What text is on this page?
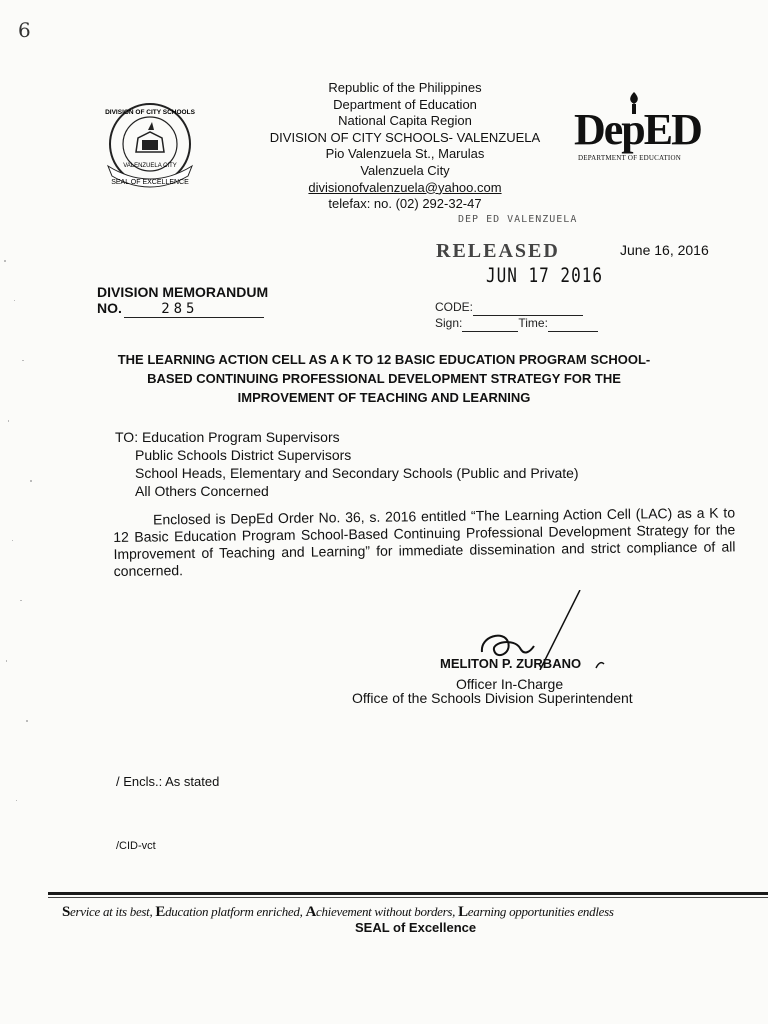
6
SEAL OF EXCELLENCE
DIVISION OF CITY SCHOOLS
VALENZUELA CITY
Republic of the Philippines
Department of Education
National Capita Region
DIVISION OF CITY SCHOOLS- VALENZUELA
Pio Valenzuela St., Marulas
Valenzuela City
divisionofvalenzuela@yahoo.com
telefax: no. (02) 292-32-47
DepED
DEPARTMENT OF EDUCATION
DEP ED VALENZUELA
RELEASED	June 16, 2016
JUN 17 2016
DIVISION MEMORANDUM
NO.	285	CODE:
Sign:	Time:
THE LEARNING ACTION CELL AS A K TO 12 BASIC EDUCATION PROGRAM SCHOOL-
BASED CONTINUING PROFESSIONAL DEVELOPMENT STRATEGY FOR THE
IMPROVEMENT OF TEACHING AND LEARNING
TO: Education Program Supervisors
Public Schools District Supervisors
School Heads, Elementary and Secondary Schools (Public and Private)
All Others Concerned
Enclosed is DepEd Order No. 36, s. 2016 entitled “The Learning Action Cell (LAC) as a K to 12 Basic Education Program School-Based Continuing Professional Development Strategy for the Improvement of Teaching and Learning” for immediate dissemination and strict compliance of all concerned.
MELITON P. ZURBANO
Officer In-Charge
Office of the Schools Division Superintendent
/ Encls.: As stated
/CID-vct
Service at its best, Education platform enriched, Achievement without borders, Learning opportunities endless
SEAL of Excellence
